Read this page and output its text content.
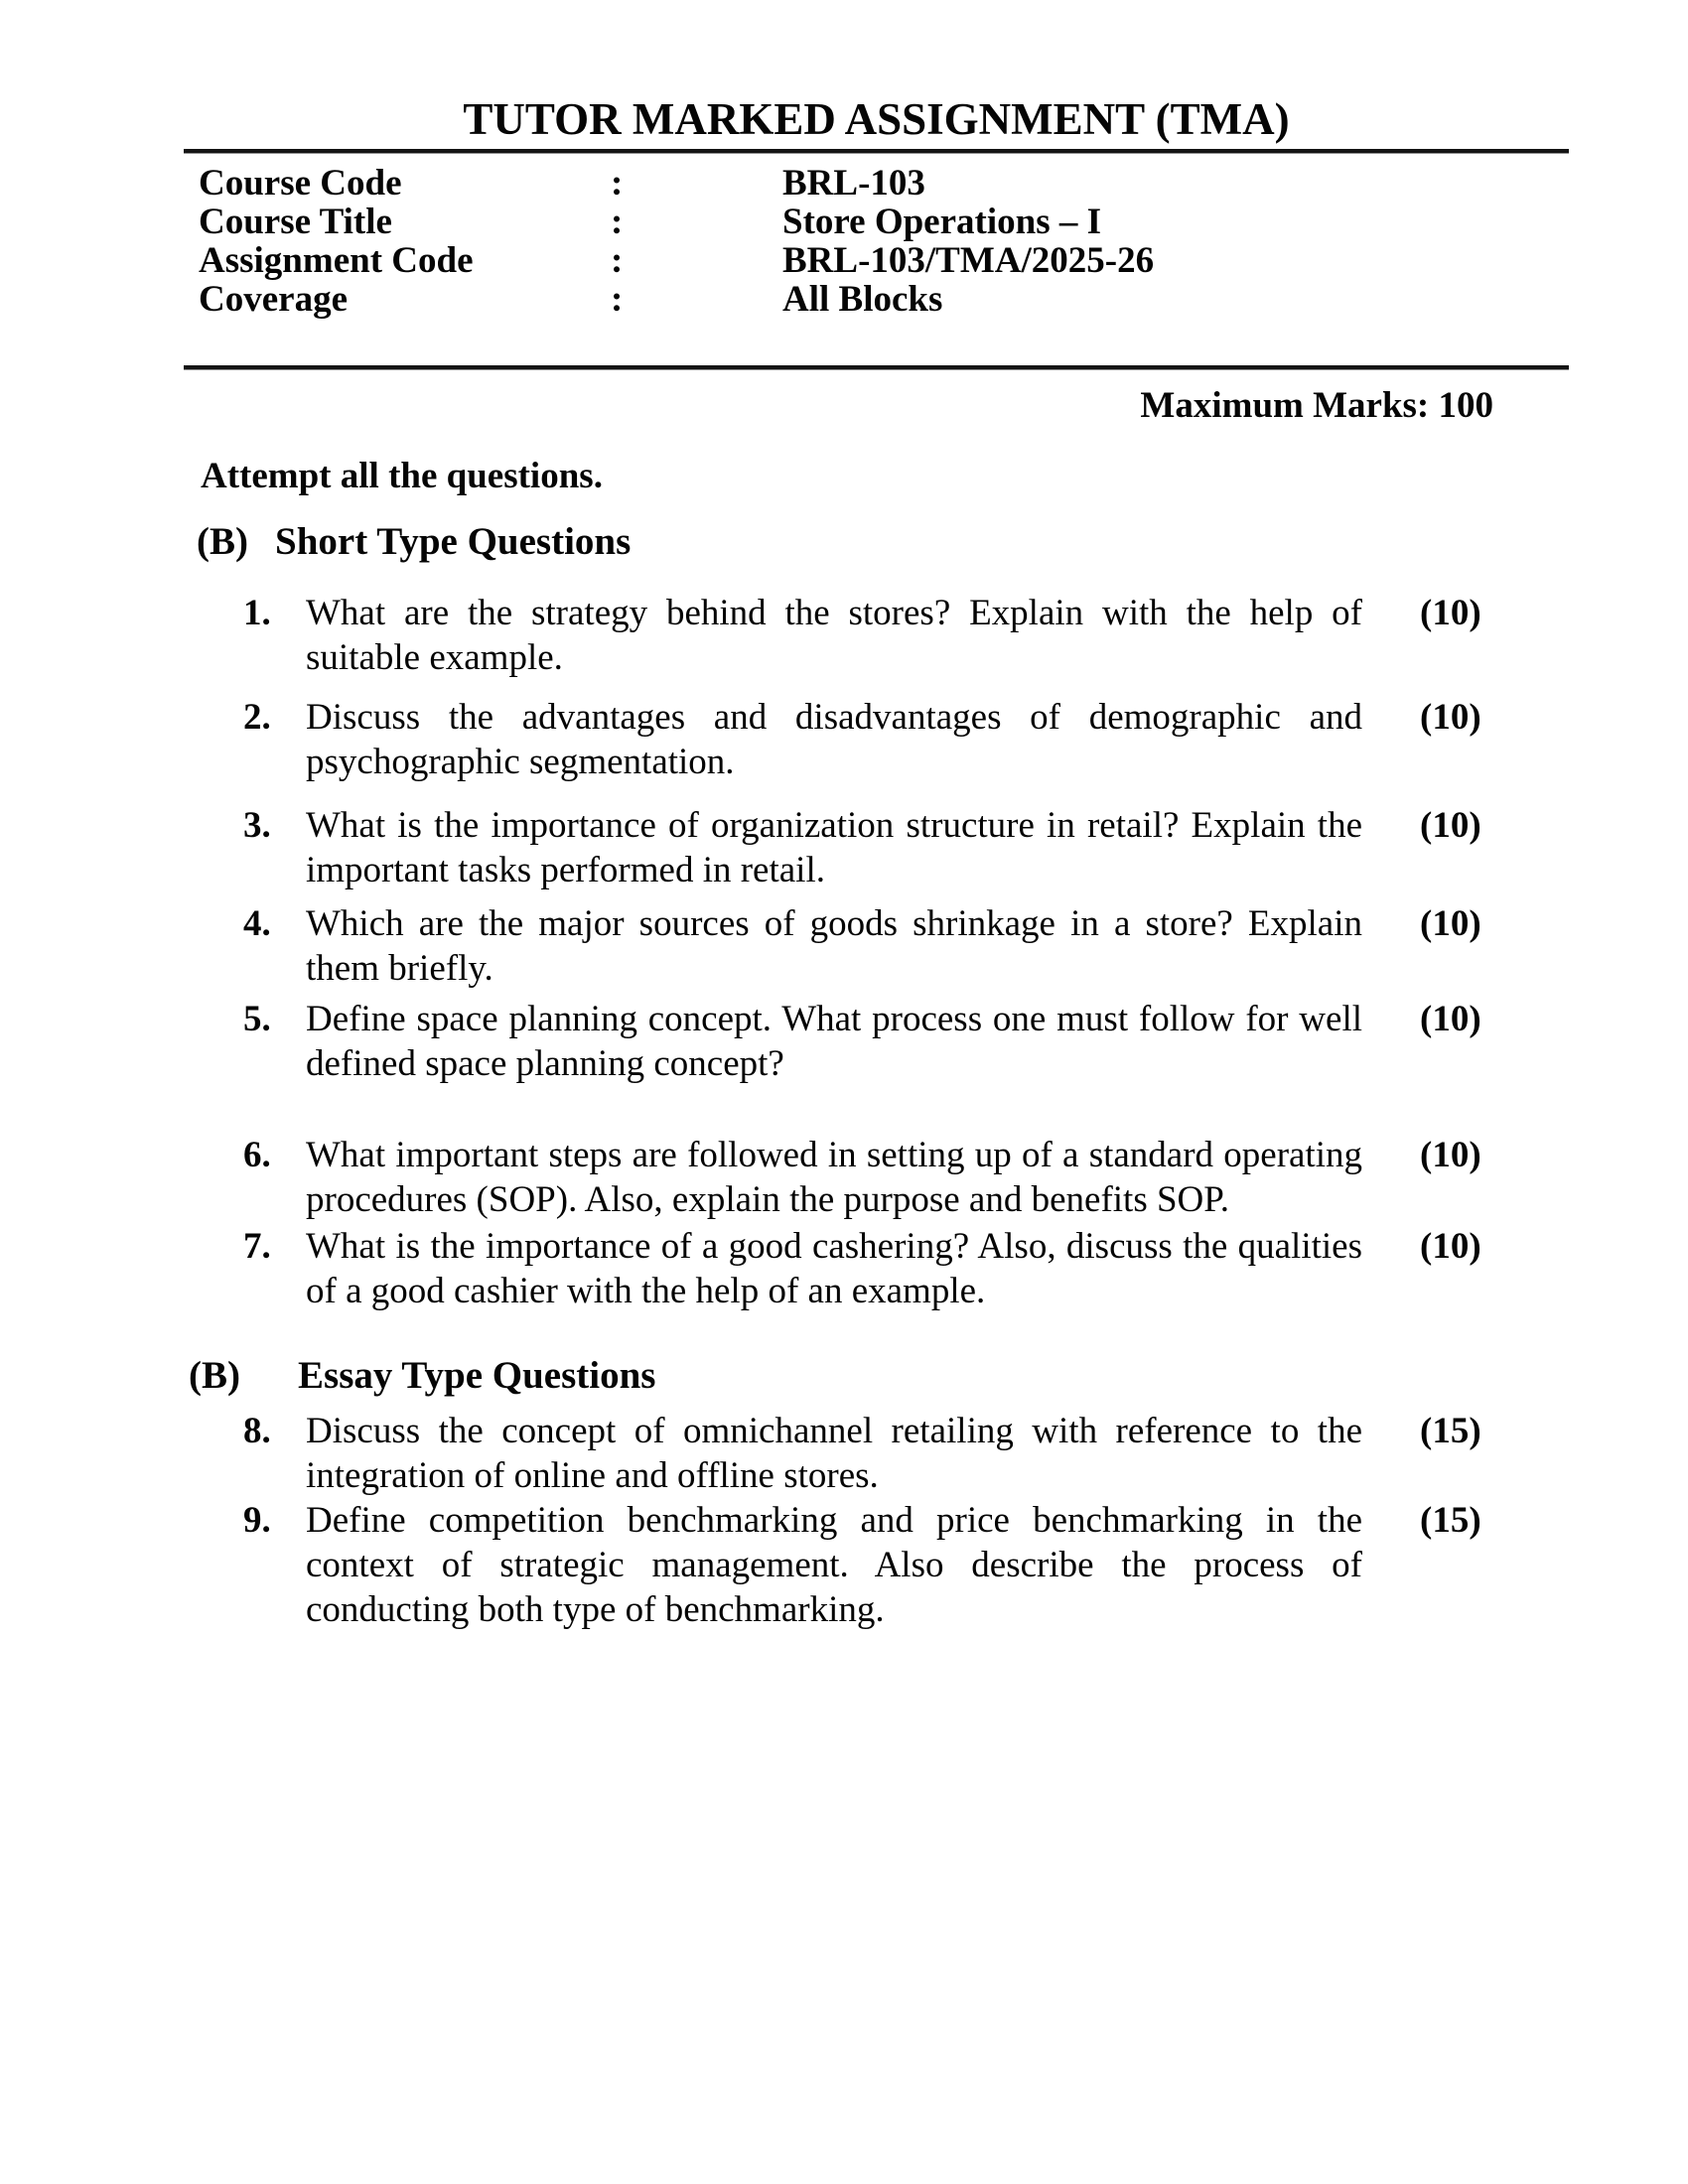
TUTOR MARKED ASSIGNMENT (TMA)
Course Code	:	BRL-103
Course Title	:	Store Operations – I
Assignment Code	:	BRL-103/TMA/2025-26
Coverage	:	All Blocks
Maximum Marks: 100
Attempt all the questions.
(B) Short Type Questions
1. What are the strategy behind the stores? Explain with the help of suitable example.
(10)
2. Discuss the advantages and disadvantages of demographic and psychographic segmentation.
(10)
3. What is the importance of organization structure in retail? Explain the important tasks performed in retail.
(10)
4. Which are the major sources of goods shrinkage in a store? Explain them briefly.
(10)
5. Define space planning concept. What process one must follow for well defined space planning concept?
(10)
6. What important steps are followed in setting up of a standard operating procedures (SOP). Also, explain the purpose and benefits SOP.
(10)
7. What is the importance of a good cashering? Also, discuss the qualities of a good cashier with the help of an example.
(10)
(B)	Essay Type Questions
8. Discuss the concept of omnichannel retailing with reference to the integration of online and offline stores.
(15)
9. Define competition benchmarking and price benchmarking in the context of strategic management. Also describe the process of conducting both type of benchmarking.
(15)
